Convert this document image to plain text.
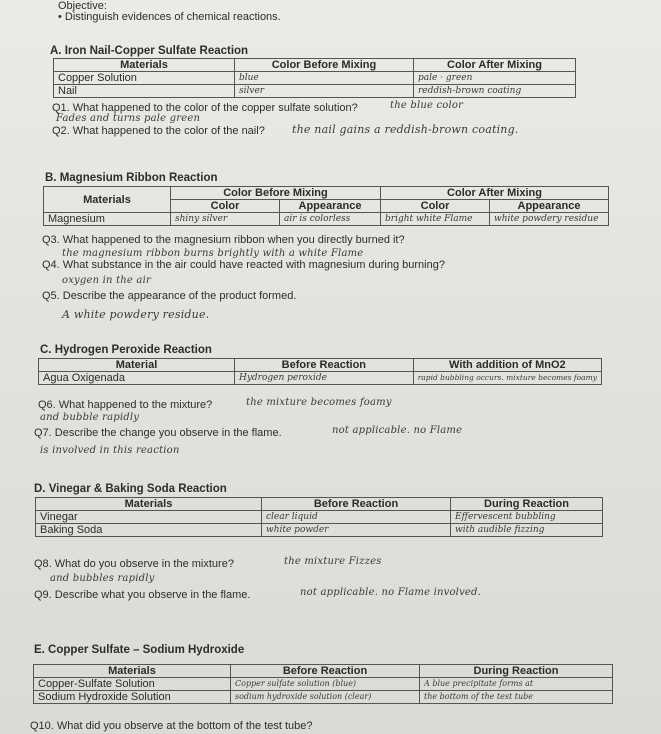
Objective:
• Distinguish evidences of chemical reactions.
A. Iron Nail-Copper Sulfate Reaction
Materials	Color Before Mixing	Color After Mixing
Copper Solution	blue	pale · green
Nail	silver	reddish-brown coating
Q1. What happened to the color of the copper sulfate solution?	the blue color
Fades and turns pale green
Q2. What happened to the color of the nail? the nail gains a reddish-brown coating.
B. Magnesium Ribbon Reaction
Materials	Color Before Mixing		Color After Mixing	
	Color	Appearance	Color	Appearance
Magnesium	shiny silver	air is colorless	bright white Flame	white powdery residue
Q3. What happened to the magnesium ribbon when you directly burned it?
the magnesium ribbon burns brightly with a white Flame
Q4. What substance in the air could have reacted with magnesium during burning?
oxygen in the air
Q5. Describe the appearance of the product formed.
A white powdery residue.
C. Hydrogen Peroxide Reaction
Material	Before Reaction	With addition of MnO2
Agua Oxigenada	Hydrogen peroxide	rapid bubbling occurs. mixture becomes foamy
Q6. What happened to the mixture?	the mixture becomes foamy
and bubble rapidly
Q7. Describe the change you observe in the flame.	not applicable. no Flame
is involved in this reaction
D. Vinegar & Baking Soda Reaction
Materials	Before Reaction	During Reaction
Vinegar	clear liquid	Effervescent bubbling
Baking Soda	white powder	with audible fizzing
Q8. What do you observe in the mixture?	the mixture Fizzes
and bubbles rapidly
Q9. Describe what you observe in the flame.	not applicable. no Flame involved.
E. Copper Sulfate – Sodium Hydroxide
Materials	Before Reaction	During Reaction
Copper-Sulfate Solution	Copper sulfate solution (blue)	A blue precipitate forms at
Sodium Hydroxide Solution	sodium hydroxide solution (clear)	the bottom of the test tube
Q10. What did you observe at the bottom of the test tube?
